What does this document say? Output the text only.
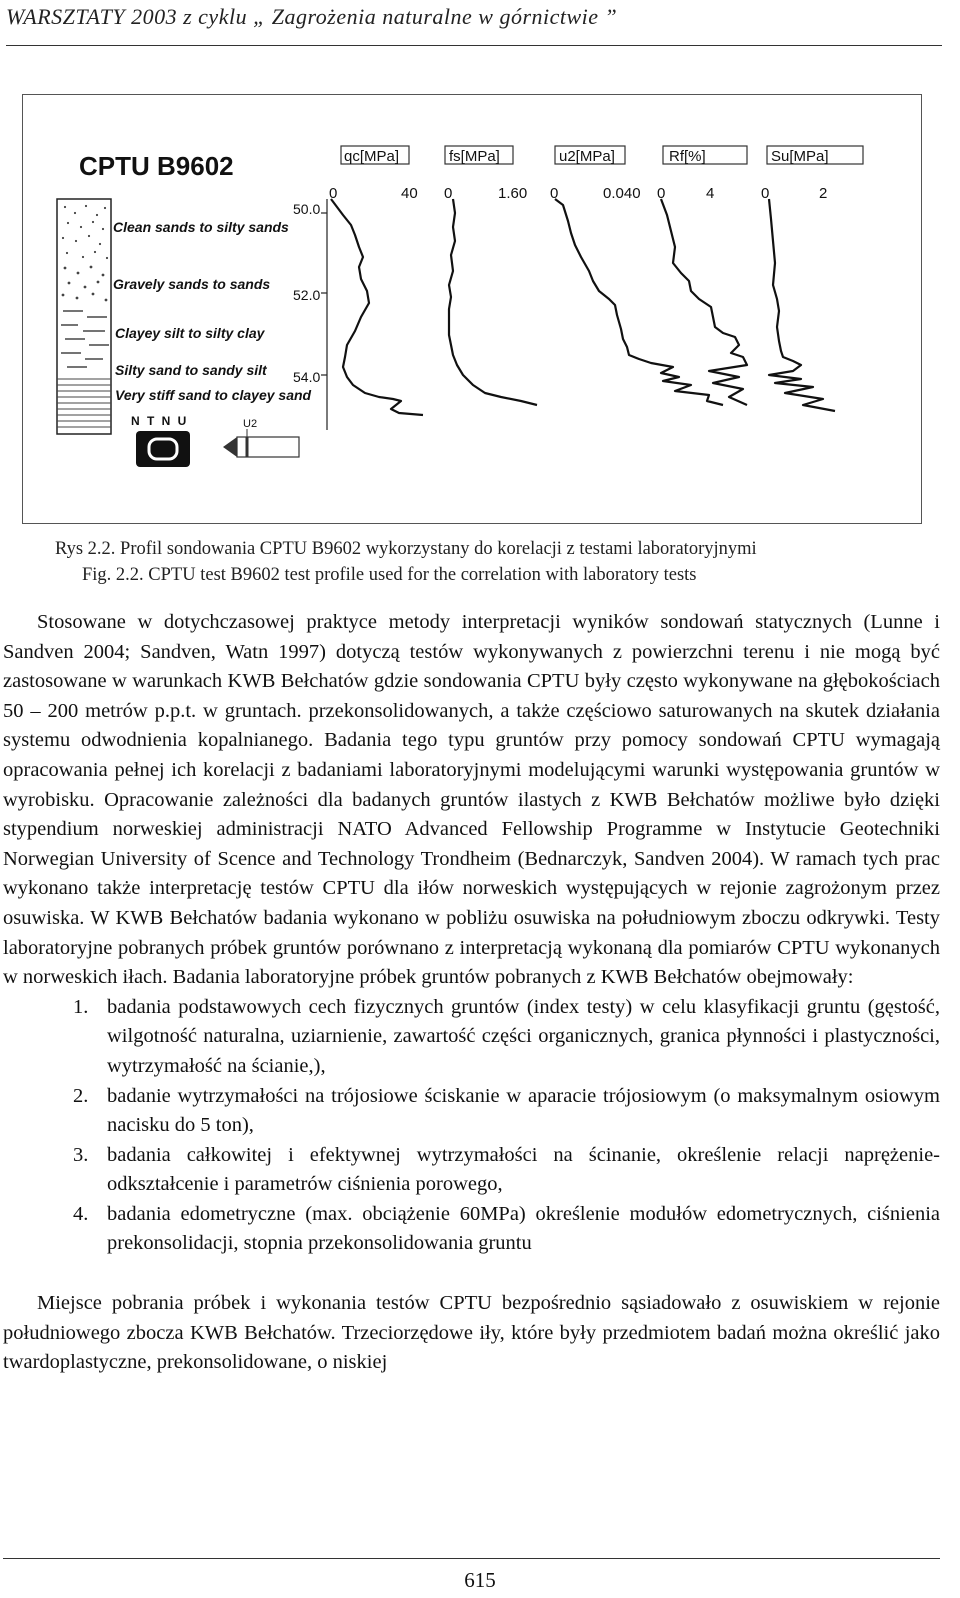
WARSZTATY 2003 z cyklu „ Zagrożenia naturalne w górnictwie ”
CPTU B9602	qc[MPa]	fs[MPa]	u2[MPa]	Rf[%]	Su[MPa]
0	40 0	1.60 0	0.040 0	4	0	2
Clean sands to silty sands
Gravely sands to sands
Clayey silt to silty clay
Silty sand to sandy silt
Very stiff sand to clayey sand
50.0
52.0
54.0
N T N U	U2
Rys 2.2. Profil sondowania CPTU B9602 wykorzystany do korelacji z testami laboratoryjnymi
Fig. 2.2. CPTU test B9602 test profile used for the correlation with laboratory tests

Stosowane w dotychczasowej praktyce metody interpretacji wyników sondowań statycznych (Lunne i Sandven 2004; Sandven, Watn 1997) dotyczą testów wykonywanych z powierzchni terenu i nie mogą być zastosowane w warunkach KWB Bełchatów gdzie sondowania CPTU były często wykonywane na głębokościach 50 – 200 metrów p.p.t. w gruntach. przekonsolidowanych, a także częściowo saturowanych na skutek działania systemu odwodnienia kopalnianego. Badania tego typu gruntów przy pomocy sondowań CPTU wymagają opracowania pełnej ich korelacji z badaniami laboratoryjnymi modelującymi warunki występowania gruntów w wyrobisku. Opracowanie zależności dla badanych gruntów ilastych z KWB Bełchatów możliwe było dzięki stypendium norweskiej administracji NATO Advanced Fellowship Programme w Instytucie Geotechniki Norwegian University of Scence and Technology Trondheim (Bednarczyk, Sandven 2004). W ramach tych prac wykonano także interpretację testów CPTU dla iłów norweskich występujących w rejonie zagrożonym przez osuwiska. W KWB Bełchatów badania wykonano w pobliżu osuwiska na południowym zboczu odkrywki. Testy laboratoryjne pobranych próbek gruntów porównano z interpretacją wykonaną dla pomiarów CPTU wykonanych w norweskich iłach. Badania laboratoryjne próbek gruntów pobranych z KWB Bełchatów obejmowały:

1. badania podstawowych cech fizycznych gruntów (index testy) w celu klasyfikacji gruntu (gęstość, wilgotność naturalna, uziarnienie, zawartość części organicznych, granica płynności i plastyczności, wytrzymałość na ścianie,),
2. badanie wytrzymałości na trójosiowe ściskanie w aparacie trójosiowym (o maksymalnym osiowym nacisku do 5 ton),
3. badania całkowitej i efektywnej wytrzymałości na ścinanie, określenie relacji naprężenie-odkształcenie i parametrów ciśnienia porowego,
4. badania edometryczne (max. obciążenie 60MPa) określenie modułów edometrycznych, ciśnienia prekonsolidacji, stopnia przekonsolidowania gruntu

Miejsce pobrania próbek i wykonania testów CPTU bezpośrednio sąsiadowało z osuwiskiem w rejonie południowego zbocza KWB Bełchatów. Trzeciorzędowe iły, które były przedmiotem badań można określić jako twardoplastyczne, prekonsolidowane, o niskiej

615
